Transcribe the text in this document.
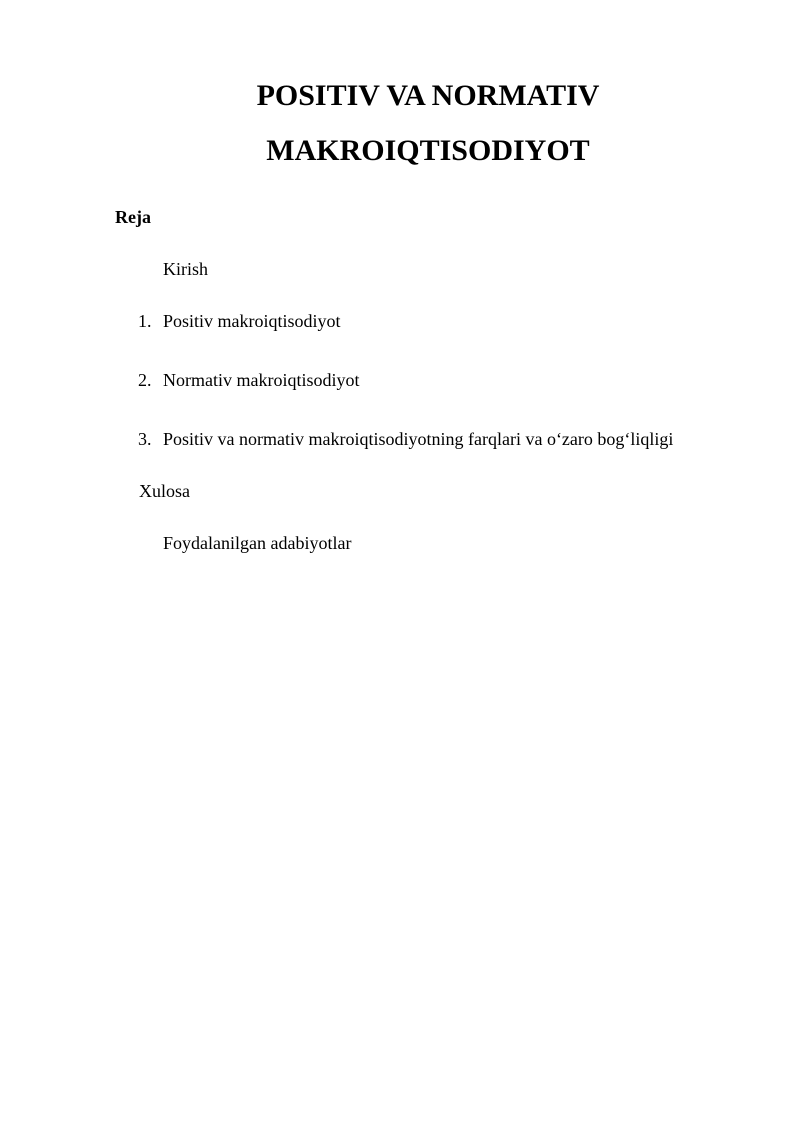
POSITIV VA NORMATIV
MAKROIQTISODIYOT
Reja
Kirish
1. Positiv makroiqtisodiyot
2. Normativ makroiqtisodiyot
3. Positiv va normativ makroiqtisodiyotning farqlari va o‘zaro bog‘liqligi
Xulosa
Foydalanilgan adabiyotlar
